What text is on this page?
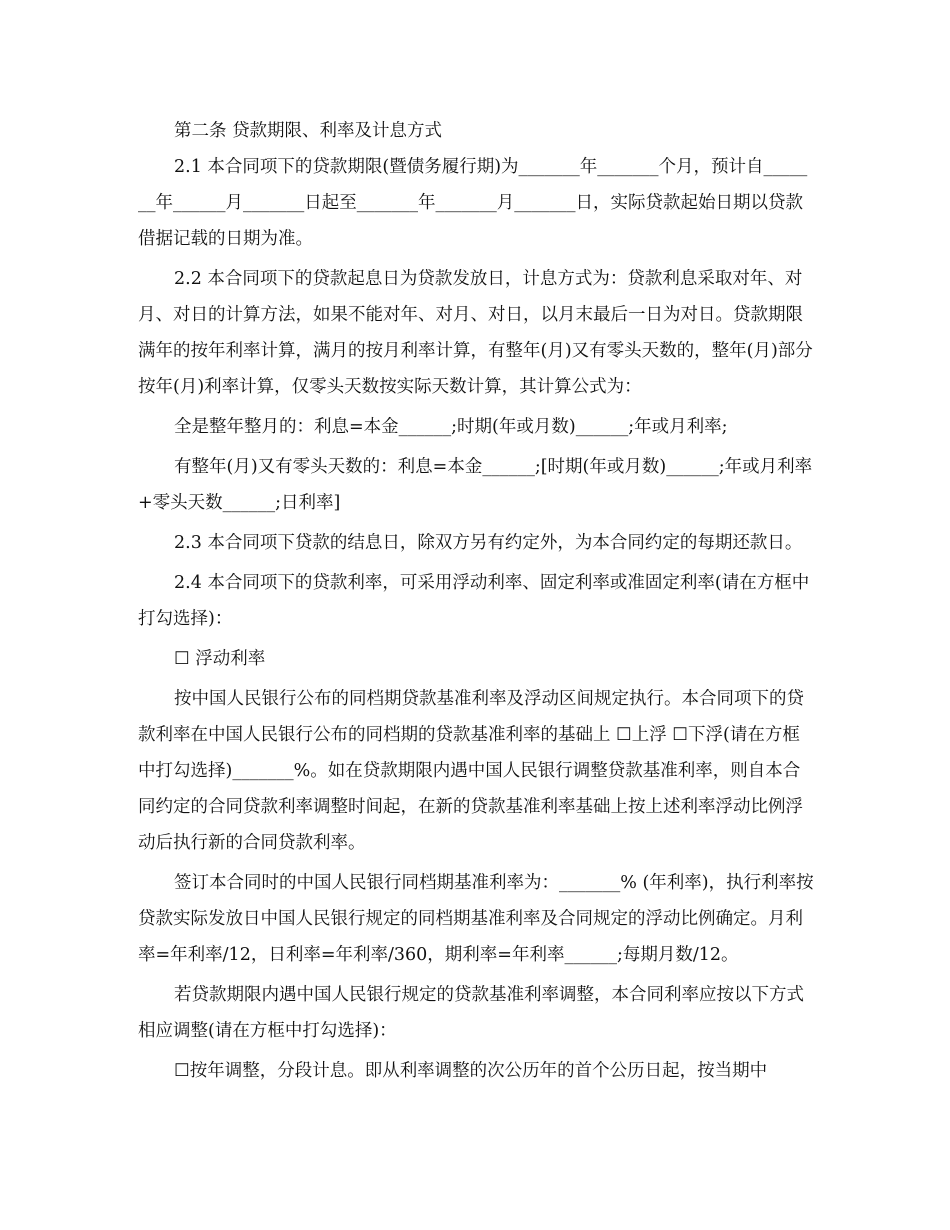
第二条 贷款期限、利率及计息方式

2.1 本合同项下的贷款期限(暨债务履行期)为_______年_______个月，预计自_______年______月_______日起至_______年_______月_______日，实际贷款起始日期以贷款借据记载的日期为准。

2.2 本合同项下的贷款起息日为贷款发放日，计息方式为：贷款利息采取对年、对月、对日的计算方法，如果不能对年、对月、对日，以月末最后一日为对日。贷款期限满年的按年利率计算，满月的按月利率计算，有整年(月)又有零头天数的，整年(月)部分按年(月)利率计算，仅零头天数按实际天数计算，其计算公式为：

全是整年整月的：利息=本金______;时期(年或月数)______;年或月利率;

有整年(月)又有零头天数的：利息=本金______;[时期(年或月数)______;年或月利率+零头天数______;日利率]

2.3 本合同项下贷款的结息日，除双方另有约定外，为本合同约定的每期还款日。

2.4 本合同项下的贷款利率，可采用浮动利率、固定利率或准固定利率(请在方框中打勾选择)：

☐ 浮动利率

按中国人民银行公布的同档期贷款基准利率及浮动区间规定执行。本合同项下的贷款利率在中国人民银行公布的同档期的贷款基准利率的基础上 ☐上浮 ☐下浮(请在方框中打勾选择)_______%。如在贷款期限内遇中国人民银行调整贷款基准利率，则自本合同约定的合同贷款利率调整时间起，在新的贷款基准利率基础上按上述利率浮动比例浮动后执行新的合同贷款利率。

签订本合同时的中国人民银行同档期基准利率为：_______% (年利率)，执行利率按贷款实际发放日中国人民银行规定的同档期基准利率及合同规定的浮动比例确定。月利率=年利率/12，日利率=年利率/360，期利率=年利率______;每期月数/12。

若贷款期限内遇中国人民银行规定的贷款基准利率调整，本合同利率应按以下方式相应调整(请在方框中打勾选择)：

☐按年调整，分段计息。即从利率调整的次公历年的首个公历日起，按当期中
